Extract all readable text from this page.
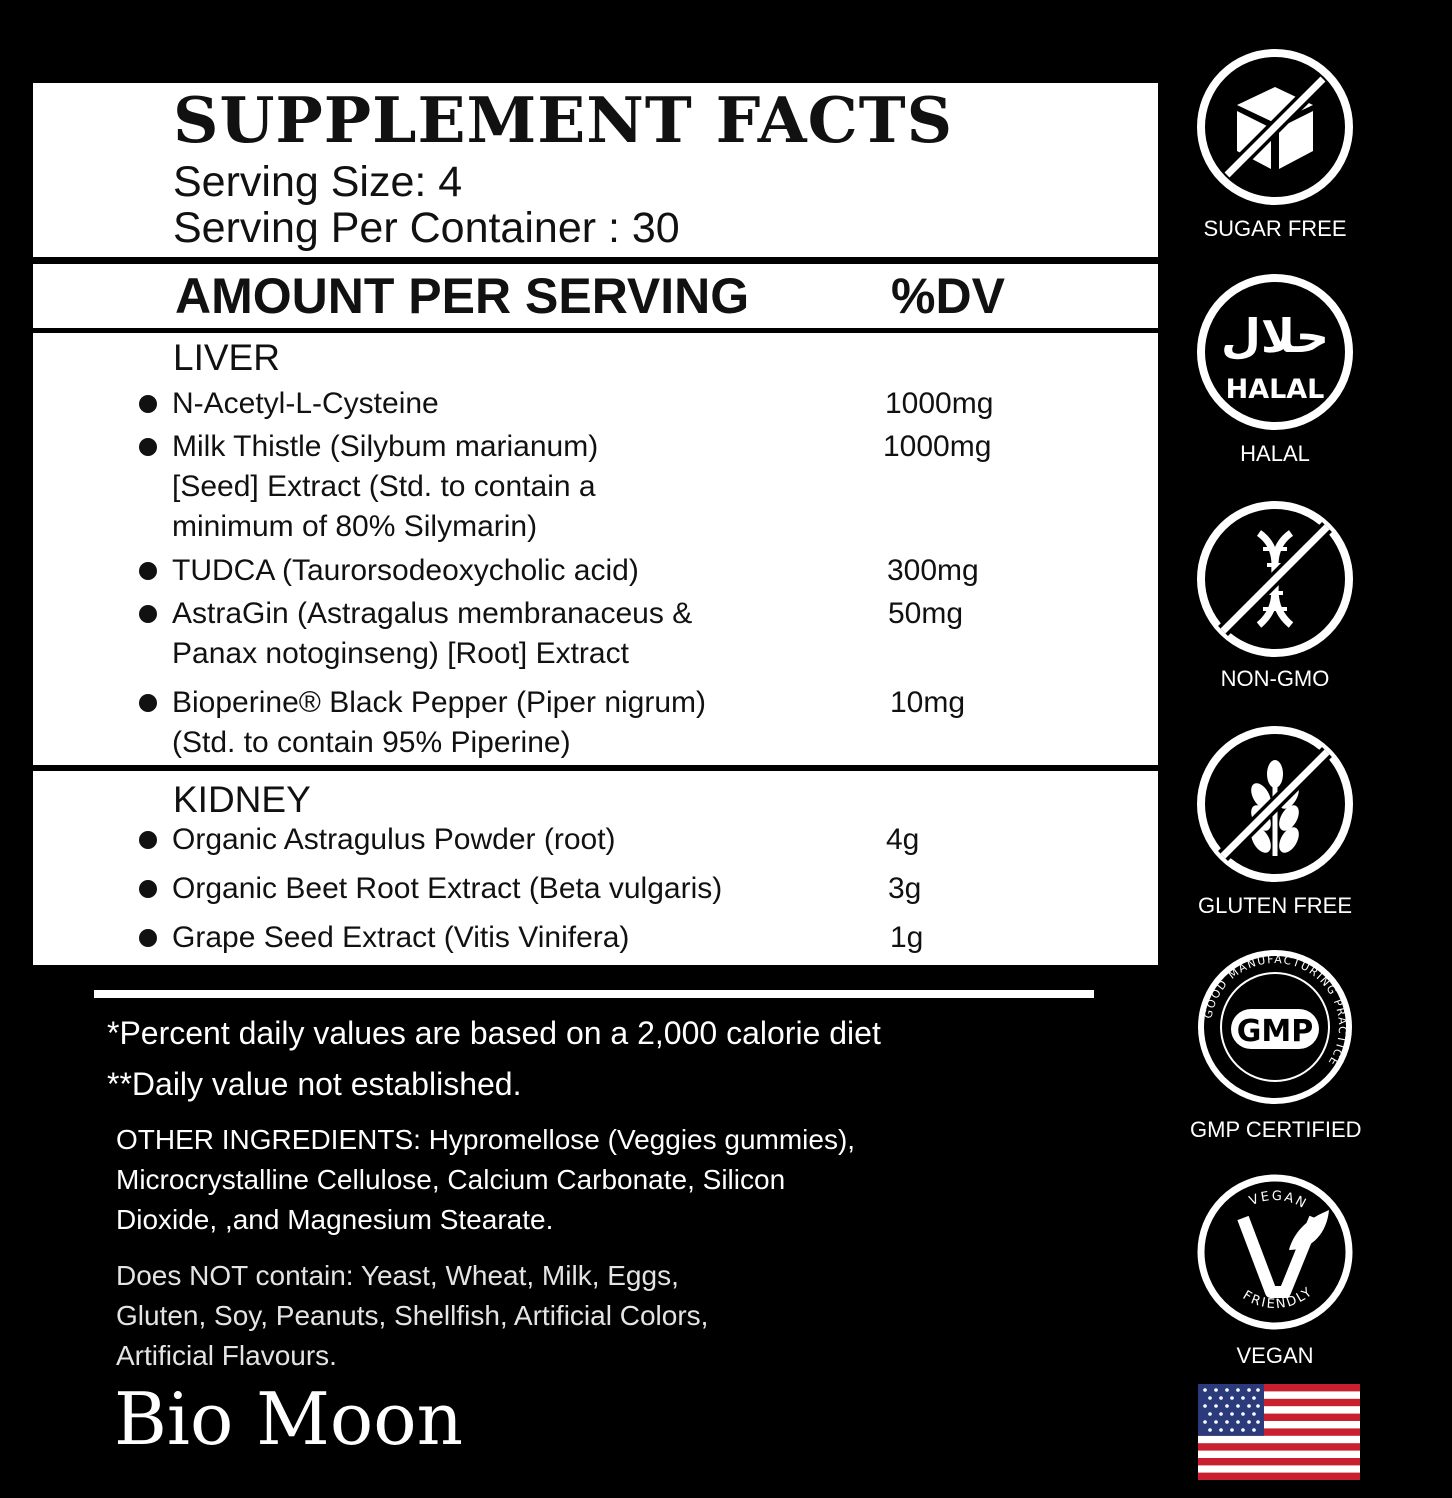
SUPPLEMENT FACTS
Serving Size: 4
Serving Per Container : 30
AMOUNT PER SERVING	%DV
LIVER
N-Acetyl-L-Cysteine	1000mg
Milk Thistle (Silybum marianum)
[Seed] Extract (Std. to contain a
minimum of 80% Silymarin)
1000mg
TUDCA (Taurorsodeoxycholic acid)	300mg
AstraGin (Astragalus membranaceus &
Panax notoginseng) [Root] Extract
50mg
Bioperine® Black Pepper (Piper nigrum)
(Std. to contain 95% Piperine)
10mg
KIDNEY
Organic Astragulus Powder (root)	4g
Organic Beet Root Extract (Beta vulgaris)	3g
Grape Seed Extract (Vitis Vinifera)	1g
*Percent daily values are based on a 2,000 calorie diet
**Daily value not established.
OTHER INGREDIENTS: Hypromellose (Veggies gummies),
Microcrystalline Cellulose, Calcium Carbonate, Silicon
Dioxide, ,and Magnesium Stearate.
Does NOT contain: Yeast, Wheat, Milk, Eggs,
Gluten, Soy, Peanuts, Shellfish, Artificial Colors,
Artificial Flavours.
Bio Moon
SUGAR FREE
حلال
HALAL
HALAL
NON-GMO
GLUTEN FREE
GOOD MANUFACTURING PRACTICE
GMP
GMP CERTIFIED
VEGAN
FRIENDLY
VEGAN
